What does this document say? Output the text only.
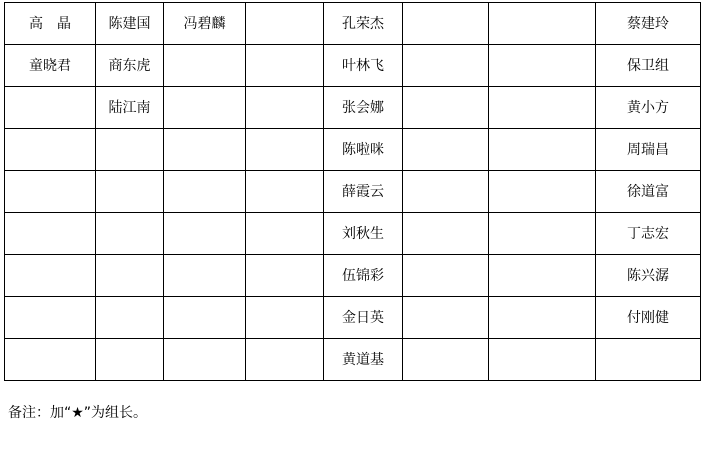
高　晶	陈建国	冯碧麟		孔荣杰			蔡建玲
童晓君	商东虎			叶林飞			保卫组
	陆江南			张会娜			黄小方
				陈啦咪			周瑞昌
				薛霞云			徐道富
				刘秋生			丁志宏
				伍锦彩			陈兴潺
				金日英			付刚健
				黄道基			

备注：加“★”为组长。
